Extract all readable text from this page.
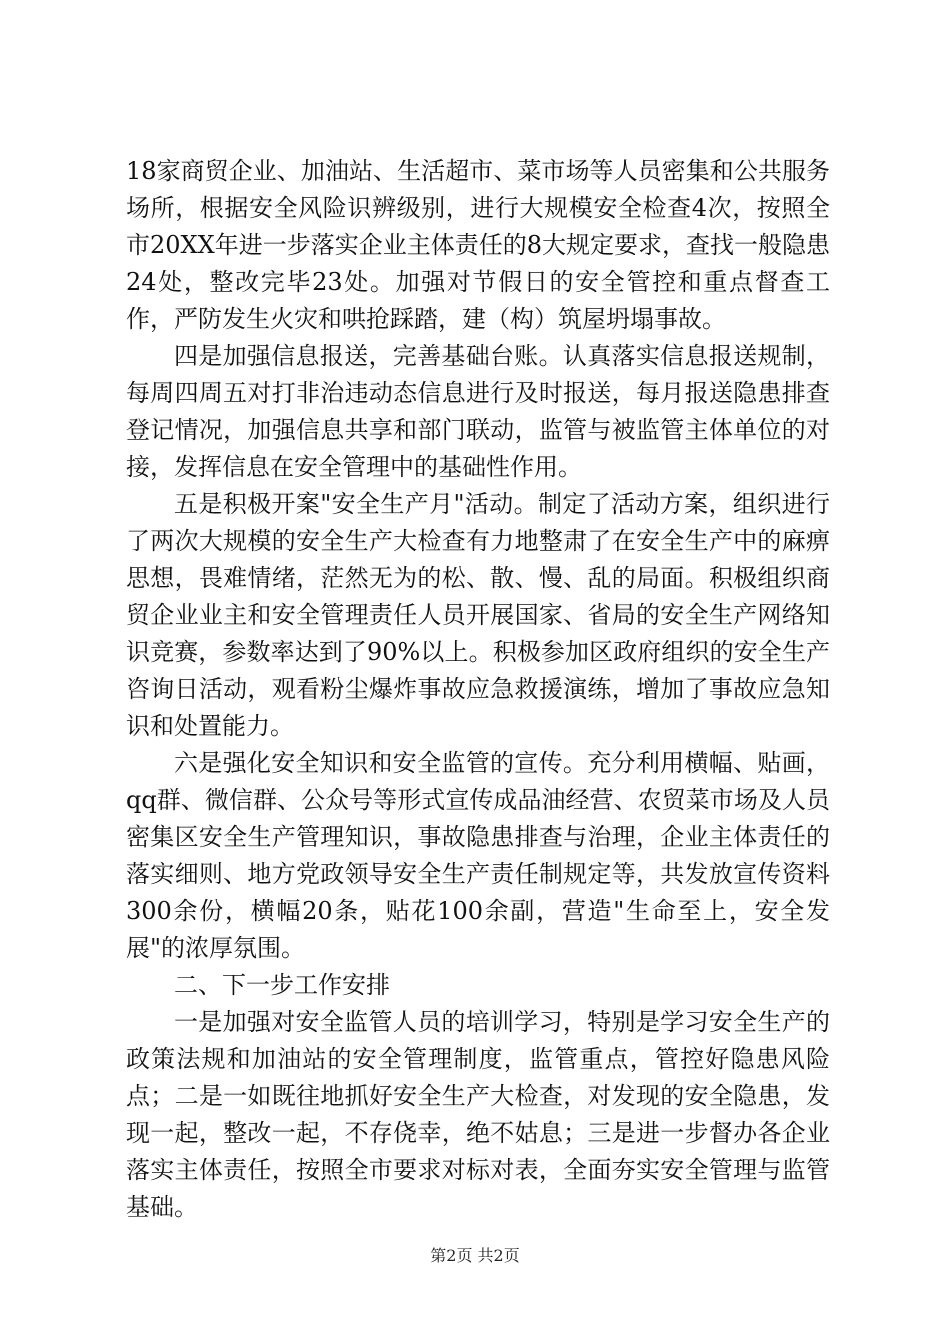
18家商贸企业、加油站、生活超市、菜市场等人员密集和公共服务场所，根据安全风险识辨级别，进行大规模安全检查4次，按照全市20XX年进一步落实企业主体责任的8大规定要求，查找一般隐患24处，整改完毕23处。加强对节假日的安全管控和重点督查工作，严防发生火灾和哄抢踩踏，建（构）筑屋坍塌事故。

四是加强信息报送，完善基础台账。认真落实信息报送规制，每周四周五对打非治违动态信息进行及时报送，每月报送隐患排查登记情况，加强信息共享和部门联动，监管与被监管主体单位的对接，发挥信息在安全管理中的基础性作用。

五是积极开案"安全生产月"活动。制定了活动方案，组织进行了两次大规模的安全生产大检查有力地整肃了在安全生产中的麻痹思想，畏难情绪，茫然无为的松、散、慢、乱的局面。积极组织商贸企业业主和安全管理责任人员开展国家、省局的安全生产网络知识竞赛，参数率达到了90%以上。积极参加区政府组织的安全生产咨询日活动，观看粉尘爆炸事故应急救援演练，增加了事故应急知识和处置能力。

六是强化安全知识和安全监管的宣传。充分利用横幅、贴画，qq群、微信群、公众号等形式宣传成品油经营、农贸菜市场及人员密集区安全生产管理知识，事故隐患排查与治理，企业主体责任的落实细则、地方党政领导安全生产责任制规定等，共发放宣传资料300余份，横幅20条，贴花100余副，营造"生命至上，安全发展"的浓厚氛围。

二、下一步工作安排

一是加强对安全监管人员的培训学习，特别是学习安全生产的政策法规和加油站的安全管理制度，监管重点，管控好隐患风险点；二是一如既往地抓好安全生产大检查，对发现的安全隐患，发现一起，整改一起，不存侥幸，绝不姑息；三是进一步督办各企业落实主体责任，按照全市要求对标对表，全面夯实安全管理与监管基础。

第2页 共2页
